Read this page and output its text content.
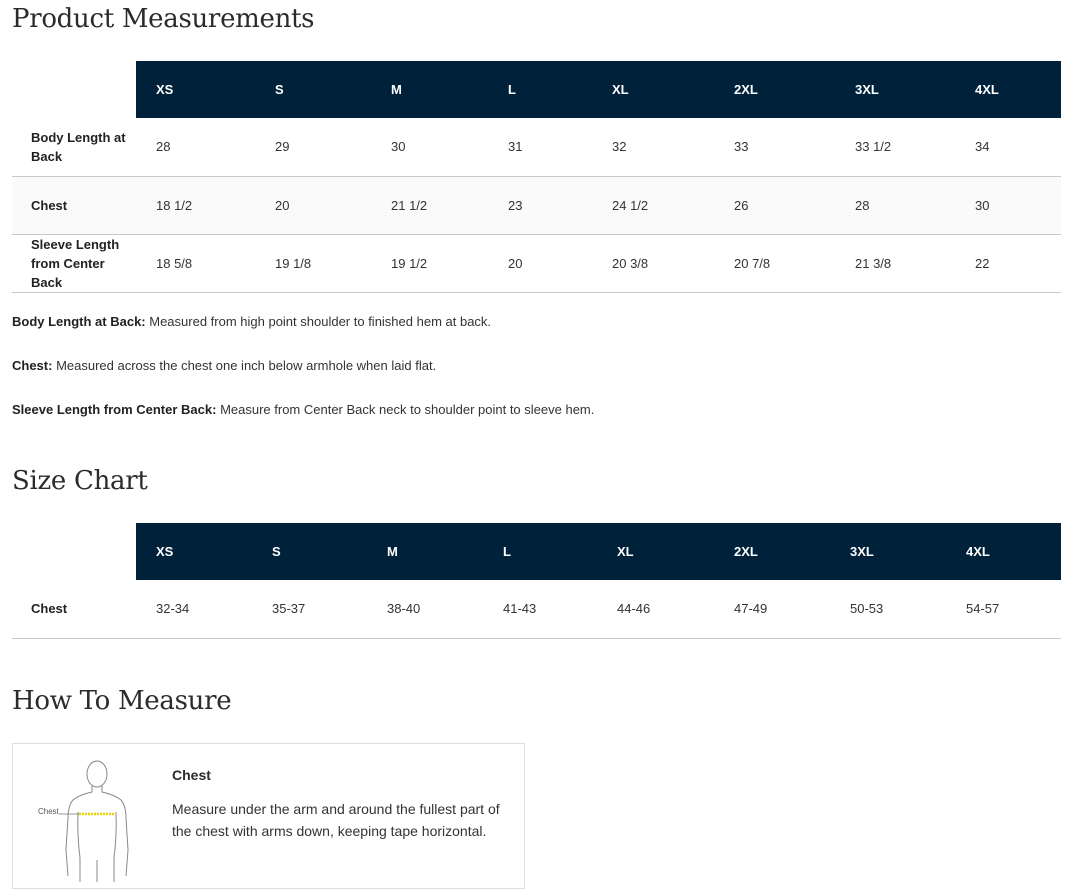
Product Measurements
	XS	S	M	L	XL	2XL	3XL	4XL
Body Length at Back	28	29	30	31	32	33	33 1/2	34
Chest	18 1/2	20	21 1/2	23	24 1/2	26	28	30
Sleeve Length from Center Back	18 5/8	19 1/8	19 1/2	20	20 3/8	20 7/8	21 3/8	22

Body Length at Back: Measured from high point shoulder to finished hem at back.

Chest: Measured across the chest one inch below armhole when laid flat.

Sleeve Length from Center Back: Measure from Center Back neck to shoulder point to sleeve hem.

Size Chart
	XS	S	M	L	XL	2XL	3XL	4XL
Chest	32-34	35-37	38-40	41-43	44-46	47-49	50-53	54-57
How To Measure
Chest
Chest
Measure under the arm and around the fullest part of the chest with arms down, keeping tape horizontal.
